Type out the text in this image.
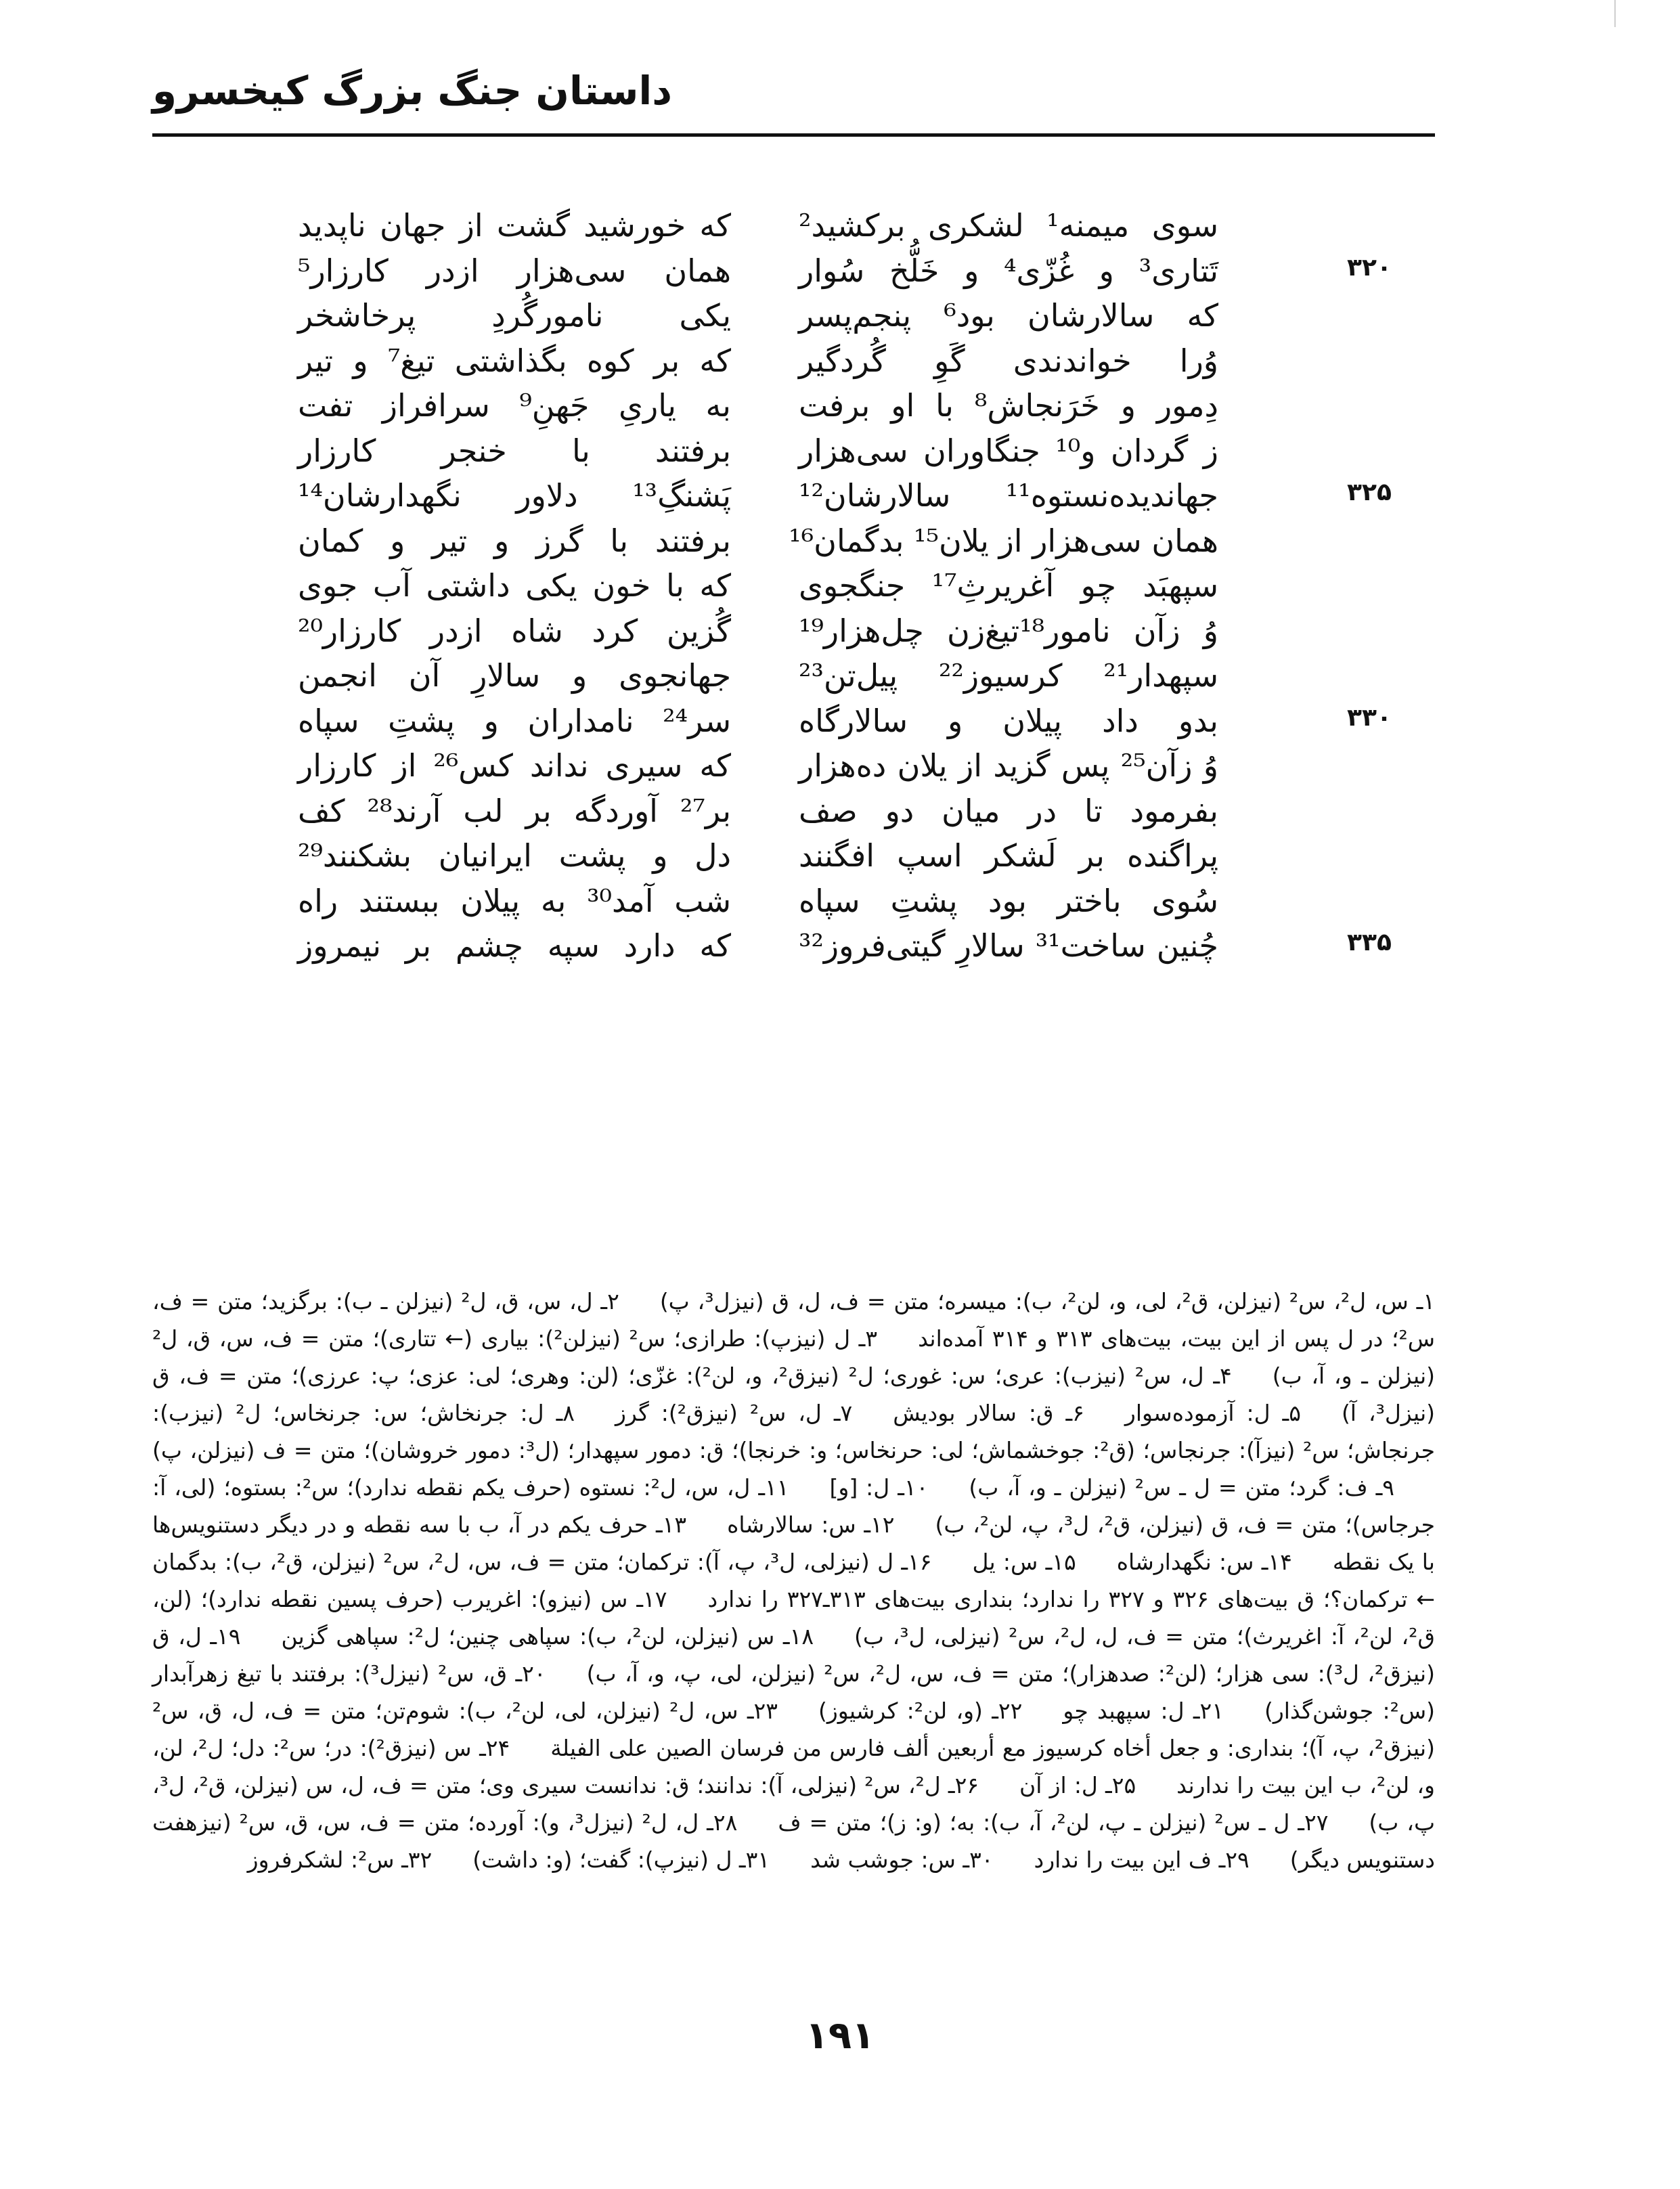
داستان جنگ بزرگ کیخسرو
سوی میمنه¹ لشکری برکشید²
که خورشید گشت از جهان ناپدید
۳۲۰
تَتاری³ و غُزّی⁴ و خَلُّخ سُوار
همان سی‌هزار ازدر کارزار⁵
که سالارشان بود⁶ پنجم‌پسر
یکی نامورگُردِ پرخاشخر
وُرا خواندندی گَوِ گُردگیر
که بر کوه بگذاشتی تیغ⁷ و تیر
دِمور و خَرَنجاش⁸ با او برفت
به یاریِ جَهنِ⁹ سرافراز تفت
ز گردان و¹⁰ جنگاوران سی‌هزار
برفتند با خنجر کارزار
۳۲۵
جهاندیده‌نستوه¹¹ سالارشان¹²
پَشنگِ¹³ دلاور نگهدارشان¹⁴
همان سی‌هزار از یلان¹⁵ بدگمان¹⁶
برفتند با گرز و تیر و کمان
سپهبَد چو آغریرثِ¹⁷ جنگجوی
که با خون یکی داشتی آب جوی
وُ زآن نامور¹⁸تیغ‌زن چل‌هزار¹⁹
گُزین کرد شاه ازدر کارزار²⁰
سپهدار²¹ کرسیوز²² پیل‌تن²³
جهانجوی و سالارِ آن انجمن
۳۳۰
بدو داد پیلان و سالارگاه
سر²⁴ نامداران و پشتِ سپاه
وُ زآن²⁵ پس گزید از یلان ده‌هزار
که سیری نداند کس²⁶ از کارزار
بفرمود تا در میان دو صف
بر²⁷ آوردگه بر لب آرند²⁸ کف
پراگنده بر لَشکر اسپ افگنند
دل و پشت ایرانیان بشکنند²⁹
سُوی باختر بود پشتِ سپاه
شب آمد³⁰ به پیلان ببستند راه
۳۳۵
چُنین ساخت³¹ سالارِ گیتی‌فروز³²
که دارد سپه چشم بر نیمروز
۱ـ س، ل²، س² (نیزلن، ق²، لی، و، لن²، ب): میسره؛ متن = ف، ل، ق (نیزل³، پ)۲ـ ل، س، ق، ل² (نیزلن ـ ب): برگزید؛ متن = ف، س²؛ در ل پس از این بیت، بیت‌های ۳۱۳ و ۳۱۴ آمده‌اند۳ـ ل (نیزپ): طرازی؛ س² (نیزلن²): بیاری (← تتاری)؛ متن = ف، س، ق، ل² (نیزلن ـ و، آ، ب)۴ـ ل، س² (نیزب): عری؛ س: غوری؛ ل² (نیزق²، و، لن²): غزّی؛ (لن: وهری؛ لی: عزی؛ پ: عرزی)؛ متن = ف، ق (نیزل³، آ)۵ـ ل: آزموده‌سوار۶ـ ق: سالار بودیش۷ـ ل، س² (نیزق²): گرز۸ـ ل: جرنخاش؛ س: جرنخاس؛ ل² (نیزب): جرنجاش؛ س² (نیزآ): جرنجاس؛ (ق²: جوخشماش؛ لی: حرنخاس؛ و: خرنجا)؛ ق: دمور سپهدار؛ (ل³: دمور خروشان)؛ متن = ف (نیزلن، پ)۹ـ ف: گرد؛ متن = ل ـ س² (نیزلن ـ و، آ، ب)۱۰ـ ل: [و]۱۱ـ ل، س، ل²: نستوه (حرف یکم نقطه ندارد)؛ س²: بستوه؛ (لی، آ: جرجاس)؛ متن = ف، ق (نیزلن، ق²، ل³، پ، لن²، ب)۱۲ـ س: سالارشاه۱۳ـ حرف یکم در آ، ب با سه نقطه و در دیگر دستنویس‌ها با یک نقطه۱۴ـ س: نگهدارشاه۱۵ـ س: یل۱۶ـ ل (نیزلی، ل³، پ، آ): ترکمان؛ متن = ف، س، ل²، س² (نیزلن، ق²، ب): بدگمان ← ترکمان؟؛ ق بیت‌های ۳۲۶ و ۳۲۷ را ندارد؛ بنداری بیت‌های ۳۱۳ـ۳۲۷ را ندارد۱۷ـ س (نیزو): اغریرب (حرف پسین نقطه ندارد)؛ (لن، ق²، لن²، آ: اغریرث)؛ متن = ف، ل، ل²، س² (نیزلی، ل³، ب)۱۸ـ س (نیزلن، لن²، ب): سپاهی چنین؛ ل²: سپاهی گزین۱۹ـ ل، ق (نیزق²، ل³): سی هزار؛ (لن²: صدهزار)؛ متن = ف، س، ل²، س² (نیزلن، لی، پ، و، آ، ب)۲۰ـ ق، س² (نیزل³): برفتند با تیغ زهرآبدار (س²: جوشن‌گذار)۲۱ـ ل: سپهبد چو۲۲ـ (و، لن²: کرشیوز)۲۳ـ س، ل² (نیزلن، لی، لن²، ب): شوم‌تن؛ متن = ف، ل، ق، س² (نیزق²، پ، آ)؛ بنداری: و جعل أخاه کرسیوز مع أربعین ألف فارس من فرسان الصین علی الفیلة۲۴ـ س (نیزق²): در؛ س²: دل؛ ل²، لن، و، لن²، ب این بیت را ندارند۲۵ـ ل: از آن۲۶ـ ل²، س² (نیزلی، آ): ندانند؛ ق: ندانست سیری وی؛ متن = ف، ل، س (نیزلن، ق²، ل³، پ، ب)۲۷ـ ل ـ س² (نیزلن ـ پ، لن²، آ، ب): به؛ (و: ز)؛ متن = ف۲۸ـ ل، ل² (نیزل³، و): آورده؛ متن = ف، س، ق، س² (نیزهفت دستنویس دیگر)۲۹ـ ف این بیت را ندارد۳۰ـ س: جوشب شد۳۱ـ ل (نیزپ): گفت؛ (و: داشت)۳۲ـ س²: لشکرفروز
۱۹۱
